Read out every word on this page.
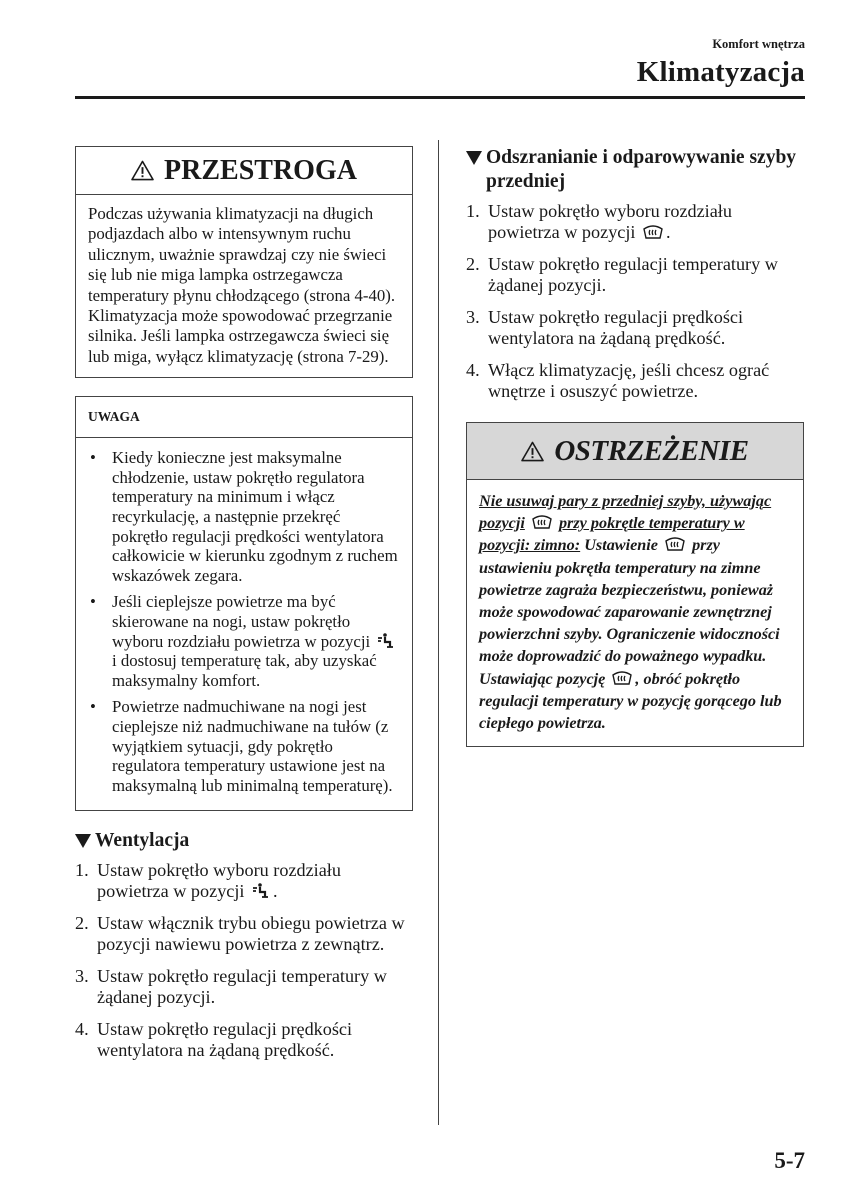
Komfort wnętrza

Klimatyzacja
PRZESTROGA
Podczas używania klimatyzacji na długich podjazdach albo w intensywnym ruchu ulicznym, uważnie sprawdzaj czy nie świeci się lub nie miga lampka ostrzegawcza temperatury płynu chłodzącego (strona 4-40). Klimatyzacja może spowodować przegrzanie silnika. Jeśli lampka ostrzegawcza świeci się lub miga, wyłącz klimatyzację (strona 7-29).
UWAGA
• Kiedy konieczne jest maksymalne chłodzenie, ustaw pokrętło regulatora temperatury na minimum i włącz recyrkulację, a następnie przekręć pokrętło regulacji prędkości wentylatora całkowicie w kierunku zgodnym z ruchem wskazówek zegara.
• Jeśli cieplejsze powietrze ma być skierowane na nogi, ustaw pokrętło wyboru rozdziału powietrza w pozycji  i dostosuj temperaturę tak, aby uzyskać maksymalny komfort.
• Powietrze nadmuchiwane na nogi jest cieplejsze niż nadmuchiwane na tułów (z wyjątkiem sytuacji, gdy pokrętło regulatora temperatury ustawione jest na maksymalną lub minimalną temperaturę).
Wentylacja
1. Ustaw pokrętło wyboru rozdziału powietrza w pozycji .
2. Ustaw włącznik trybu obiegu powietrza w pozycji nawiewu powietrza z zewnątrz.
3. Ustaw pokrętło regulacji temperatury w żądanej pozycji.
4. Ustaw pokrętło regulacji prędkości wentylatora na żądaną prędkość.
Odszranianie i odparowywanie szyby przedniej
1. Ustaw pokrętło wyboru rozdziału powietrza w pozycji .
2. Ustaw pokrętło regulacji temperatury w żądanej pozycji.
3. Ustaw pokrętło regulacji prędkości wentylatora na żądaną prędkość.
4. Włącz klimatyzację, jeśli chcesz ograć wnętrze i osuszyć powietrze.
OSTRZEŻENIE
Nie usuwaj pary z przedniej szyby, używając pozycji przy pokrętle temperatury w pozycji: zimno: Ustawienie przy ustawieniu pokrętła temperatury na zimne powietrze zagraża bezpieczeństwu, ponieważ może spowodować zaparowanie zewnętrznej powierzchni szyby. Ograniczenie widoczności może doprowadzić do poważnego wypadku. Ustawiając pozycję , obróć pokrętło regulacji temperatury w pozycję gorącego lub ciepłego powietrza.

5-7
